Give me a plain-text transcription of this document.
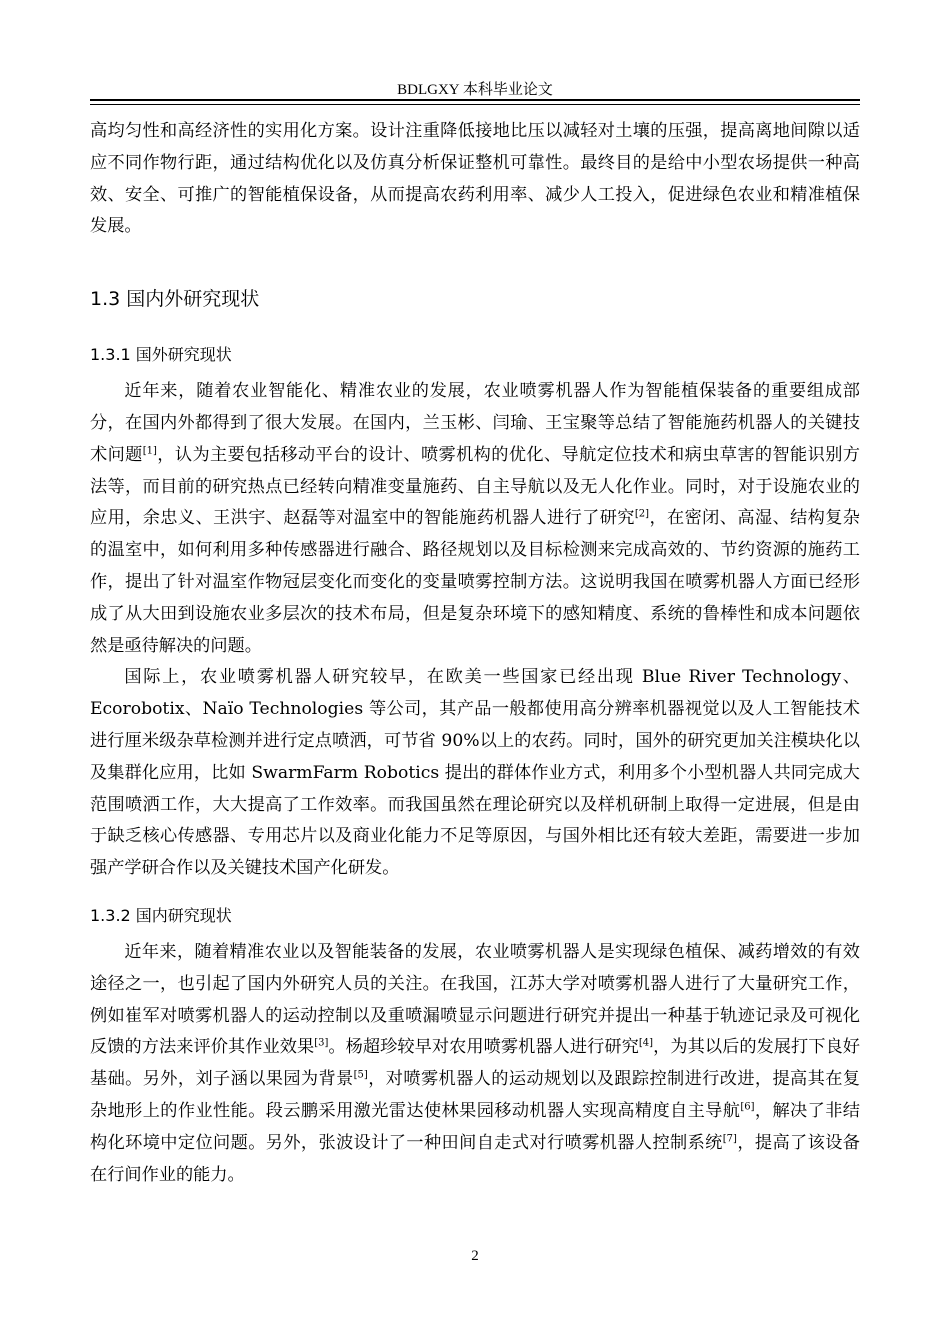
BDLGXY 本科毕业论文

高均匀性和高经济性的实用化方案。设计注重降低接地比压以减轻对土壤的压强，提高离地间隙以适应不同作物行距，通过结构优化以及仿真分析保证整机可靠性。最终目的是给中小型农场提供一种高效、安全、可推广的智能植保设备，从而提高农药利用率、减少人工投入，促进绿色农业和精准植保发展。

1.3 国内外研究现状
1.3.1 国外研究现状

近年来，随着农业智能化、精准农业的发展，农业喷雾机器人作为智能植保装备的重要组成部分，在国内外都得到了很大发展。在国内，兰玉彬、闫瑜、王宝聚等总结了智能施药机器人的关键技术问题[1]，认为主要包括移动平台的设计、喷雾机构的优化、导航定位技术和病虫草害的智能识别方法等，而目前的研究热点已经转向精准变量施药、自主导航以及无人化作业。同时，对于设施农业的应用，余忠义、王洪宇、赵磊等对温室中的智能施药机器人进行了研究[2]，在密闭、高湿、结构复杂的温室中，如何利用多种传感器进行融合、路径规划以及目标检测来完成高效的、节约资源的施药工作，提出了针对温室作物冠层变化而变化的变量喷雾控制方法。这说明我国在喷雾机器人方面已经形成了从大田到设施农业多层次的技术布局，但是复杂环境下的感知精度、系统的鲁棒性和成本问题依然是亟待解决的问题。

国际上，农业喷雾机器人研究较早，在欧美一些国家已经出现 Blue River Technology、Ecorobotix、Naïo Technologies 等公司，其产品一般都使用高分辨率机器视觉以及人工智能技术进行厘米级杂草检测并进行定点喷洒，可节省 90%以上的农药。同时，国外的研究更加关注模块化以及集群化应用，比如 SwarmFarm Robotics 提出的群体作业方式，利用多个小型机器人共同完成大范围喷洒工作，大大提高了工作效率。而我国虽然在理论研究以及样机研制上取得一定进展，但是由于缺乏核心传感器、专用芯片以及商业化能力不足等原因，与国外相比还有较大差距，需要进一步加强产学研合作以及关键技术国产化研发。

1.3.2 国内研究现状

近年来，随着精准农业以及智能装备的发展，农业喷雾机器人是实现绿色植保、减药增效的有效途径之一，也引起了国内外研究人员的关注。在我国，江苏大学对喷雾机器人进行了大量研究工作，例如崔军对喷雾机器人的运动控制以及重喷漏喷显示问题进行研究并提出一种基于轨迹记录及可视化反馈的方法来评价其作业效果[3]。杨超珍较早对农用喷雾机器人进行研究[4]，为其以后的发展打下良好基础。另外，刘子涵以果园为背景[5]，对喷雾机器人的运动规划以及跟踪控制进行改进，提高其在复杂地形上的作业性能。段云鹏采用激光雷达使林果园移动机器人实现高精度自主导航[6]，解决了非结构化环境中定位问题。另外，张波设计了一种田间自走式对行喷雾机器人控制系统[7]，提高了该设备在行间作业的能力。

2
